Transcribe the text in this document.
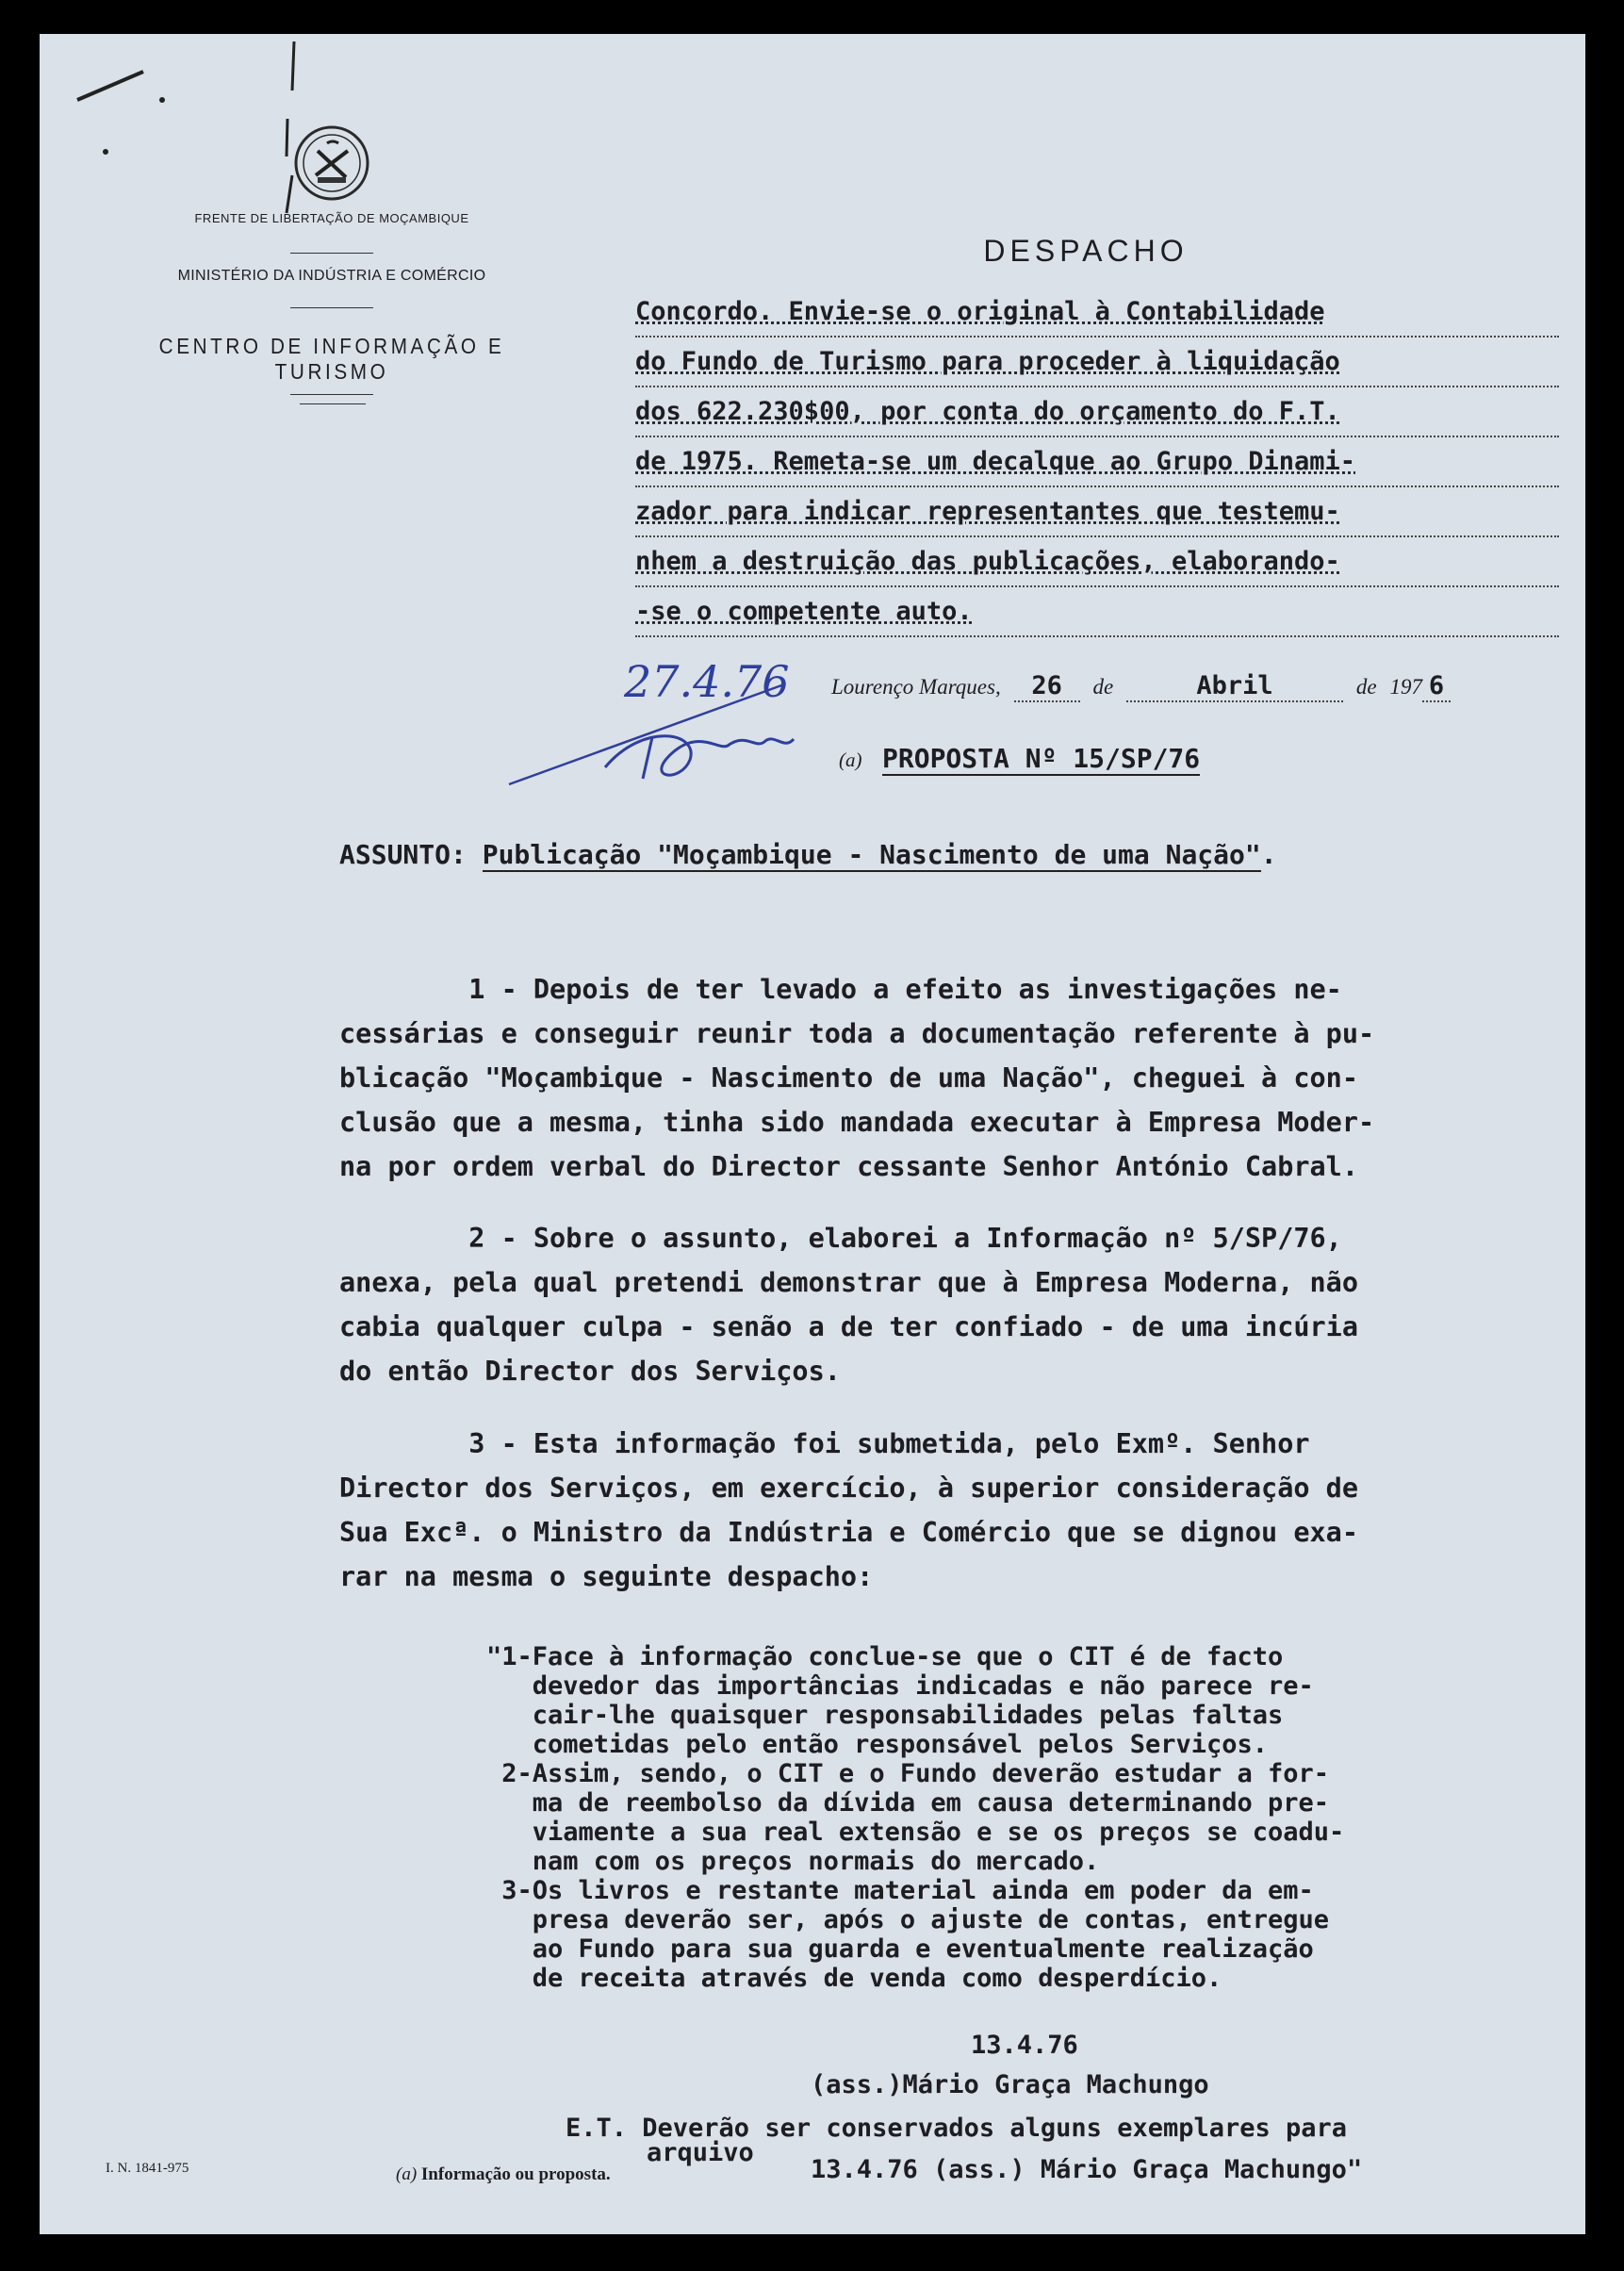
FRENTE DE LIBERTAÇÃO DE MOÇAMBIQUE
MINISTÉRIO DA INDÚSTRIA E COMÉRCIO
CENTRO DE INFORMAÇÃO E TURISMO
DESPACHO
Concordo. Envie-se o original à Contabilidade
do Fundo de Turismo para proceder à liquidação
dos 622.230$00, por conta do orçamento do F.T.
de 1975. Remeta-se um decalque ao Grupo Dinami-
zador para indicar representantes que testemu-
nhem a destruição das publicações, elaborando-
-se o competente auto.
Lourenço Marques, 26 de	Abril	de 197 6
27.4.76
(a) PROPOSTA Nº 15/SP/76
ASSUNTO: Publicação "Moçambique - Nascimento de uma Nação".
1 - Depois de ter levado a efeito as investigações ne-
cessárias e conseguir reunir toda a documentação referente à pu-
blicação "Moçambique - Nascimento de uma Nação", cheguei à con-
clusão que a mesma, tinha sido mandada executar à Empresa Moder-
na por ordem verbal do Director cessante Senhor António Cabral.
2 - Sobre o assunto, elaborei a Informação nº 5/SP/76,
anexa, pela qual pretendi demonstrar que à Empresa Moderna, não
cabia qualquer culpa - senão a de ter confiado - de uma incúria
do então Director dos Serviços.
3 - Esta informação foi submetida, pelo Exmº. Senhor
Director dos Serviços, em exercício, à superior consideração de
Sua Excª. o Ministro da Indústria e Comércio que se dignou exa-
rar na mesma o seguinte despacho:
"1-Face à informação conclue-se que o CIT é de facto
devedor das importâncias indicadas e não parece re-
cair-lhe quaisquer responsabilidades pelas faltas
cometidas pelo então responsável pelos Serviços.
2-Assim, sendo, o CIT e o Fundo deverão estudar a for-
ma de reembolso da dívida em causa determinando pre-
viamente a sua real extensão e se os preços se coadu-
nam com os preços normais do mercado.
3-Os livros e restante material ainda em poder da em-
presa deverão ser, após o ajuste de contas, entregue
ao Fundo para sua guarda e eventualmente realização
de receita através de venda como desperdício.
13.4.76
(ass.)Mário Graça Machungo
E.T. Deverão ser conservados alguns exemplares para
arquivo
13.4.76 (ass.) Mário Graça Machungo"
I. N. 1841-975	(a) Informação ou proposta.
